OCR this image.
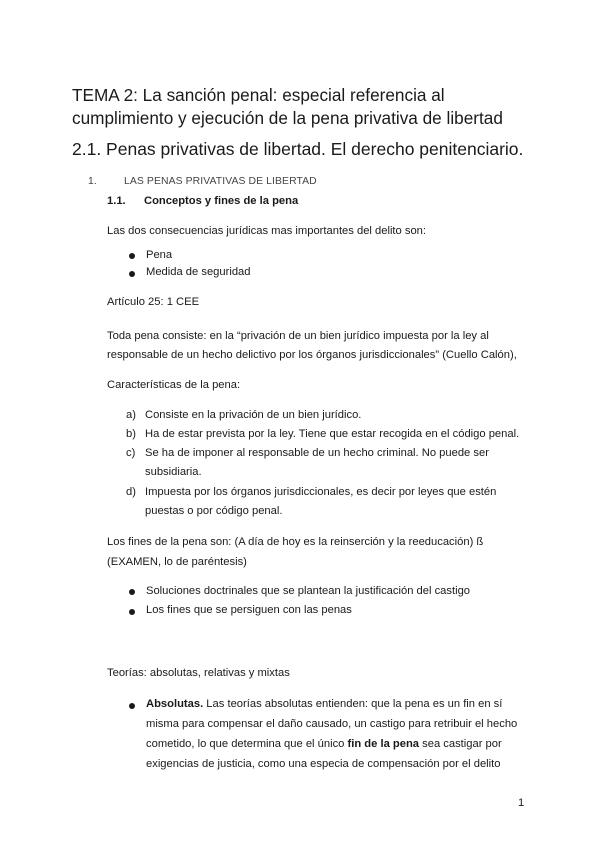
TEMA 2: La sanción penal: especial referencia al cumplimiento y ejecución de la pena privativa de libertad
2.1. Penas privativas de libertad. El derecho penitenciario.
1.	LAS PENAS PRIVATIVAS DE LIBERTAD
1.1. Conceptos y fines de la pena
Las dos consecuencias jurídicas mas importantes del delito son:
Pena
Medida de seguridad
Artículo 25: 1 CEE
Toda pena consiste: en la “privación de un bien jurídico impuesta por la ley al
responsable de un hecho delictivo por los órganos jurisdiccionales” (Cuello Calón),
Características de la pena:
a) Consiste en la privación de un bien jurídico.
b) Ha de estar prevista por la ley. Tiene que estar recogida en el código penal.
c) Se ha de imponer al responsable de un hecho criminal. No puede ser
subsidiaria.
d) Impuesta por los órganos jurisdiccionales, es decir por leyes que estén
puestas o por código penal.
Los fines de la pena son: (A día de hoy es la reinserción y la reeducación) ß
(EXAMEN, lo de paréntesis)
Soluciones doctrinales que se plantean la justificación del castigo
Los fines que se persiguen con las penas
Teorías: absolutas, relativas y mixtas
Absolutas. Las teorías absolutas entienden: que la pena es un fin en sí
misma para compensar el daño causado, un castigo para retribuir el hecho
cometido, lo que determina que el único fin de la pena sea castigar por
exigencias de justicia, como una especia de compensación por el delito
1
